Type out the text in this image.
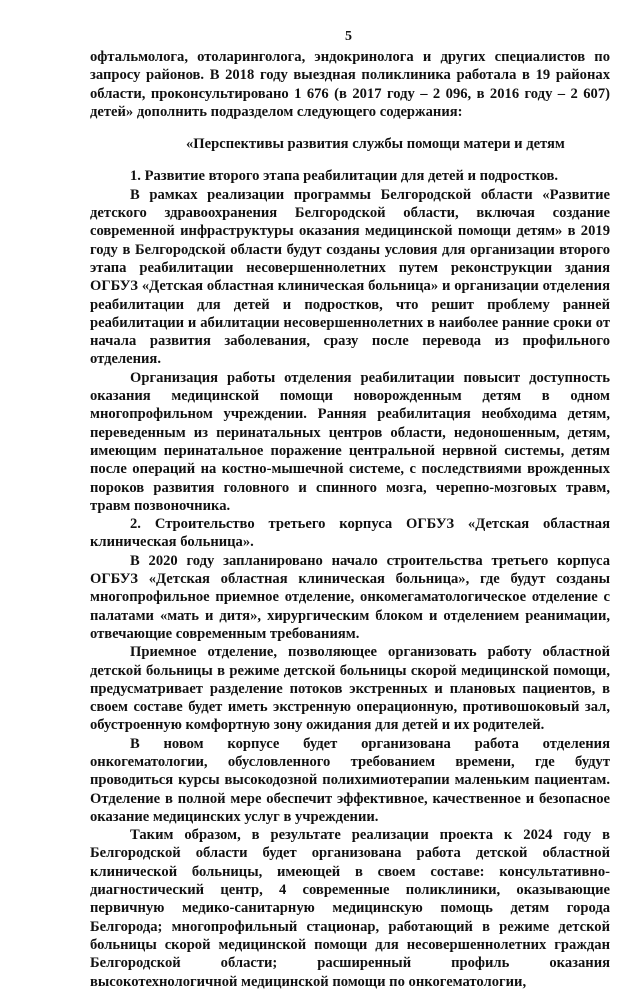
5

офтальмолога, отоларинголога, эндокринолога и других специалистов по запросу районов. В 2018 году выездная поликлиника работала в 19 районах области, проконсультировано 1 676 (в 2017 году – 2 096, в 2016 году – 2 607) детей» дополнить подразделом следующего содержания:

«Перспективы развития службы помощи матери и детям

1. Развитие второго этапа реабилитации для детей и подростков.

В рамках реализации программы Белгородской области «Развитие детского здравоохранения Белгородской области, включая создание современной инфраструктуры оказания медицинской помощи детям» в 2019 году в Белгородской области будут созданы условия для организации второго этапа реабилитации несовершеннолетних путем реконструкции здания ОГБУЗ «Детская областная клиническая больница» и организации отделения реабилитации для детей и подростков, что решит проблему ранней реабилитации и абилитации несовершеннолетних в наиболее ранние сроки от начала развития заболевания, сразу после перевода из профильного отделения.

Организация работы отделения реабилитации повысит доступность оказания медицинской помощи новорожденным детям в одном многопрофильном учреждении. Ранняя реабилитация необходима детям, переведенным из перинатальных центров области, недоношенным, детям, имеющим перинатальное поражение центральной нервной системы, детям после операций на костно-мышечной системе, с последствиями врожденных пороков развития головного и спинного мозга, черепно-мозговых травм, травм позвоночника.

2. Строительство третьего корпуса ОГБУЗ «Детская областная клиническая больница».

В 2020 году запланировано начало строительства третьего корпуса ОГБУЗ «Детская областная клиническая больница», где будут созданы многопрофильное приемное отделение, онкомегаматологическое отделение с палатами «мать и дитя», хирургическим блоком и отделением реанимации, отвечающие современным требованиям.

Приемное отделение, позволяющее организовать работу областной детской больницы в режиме детской больницы скорой медицинской помощи, предусматривает разделение потоков экстренных и плановых пациентов, в своем составе будет иметь экстренную операционную, противошоковый зал, обустроенную комфортную зону ожидания для детей и их родителей.

В новом корпусе будет организована работа отделения онкогематологии, обусловленного требованием времени, где будут проводиться курсы высокодозной полихимиотерапии маленьким пациентам. Отделение в полной мере обеспечит эффективное, качественное и безопасное оказание медицинских услуг в учреждении.

Таким образом, в результате реализации проекта к 2024 году в Белгородской области будет организована работа детской областной клинической больницы, имеющей в своем составе: консультативно-диагностический центр, 4 современные поликлиники, оказывающие первичную медико-санитарную медицинскую помощь детям города Белгорода; многопрофильный стационар, работающий в режиме детской больницы скорой медицинской помощи для несовершеннолетних граждан Белгородской области; расширенный профиль оказания высокотехнологичной медицинской помощи по онкогематологии,
